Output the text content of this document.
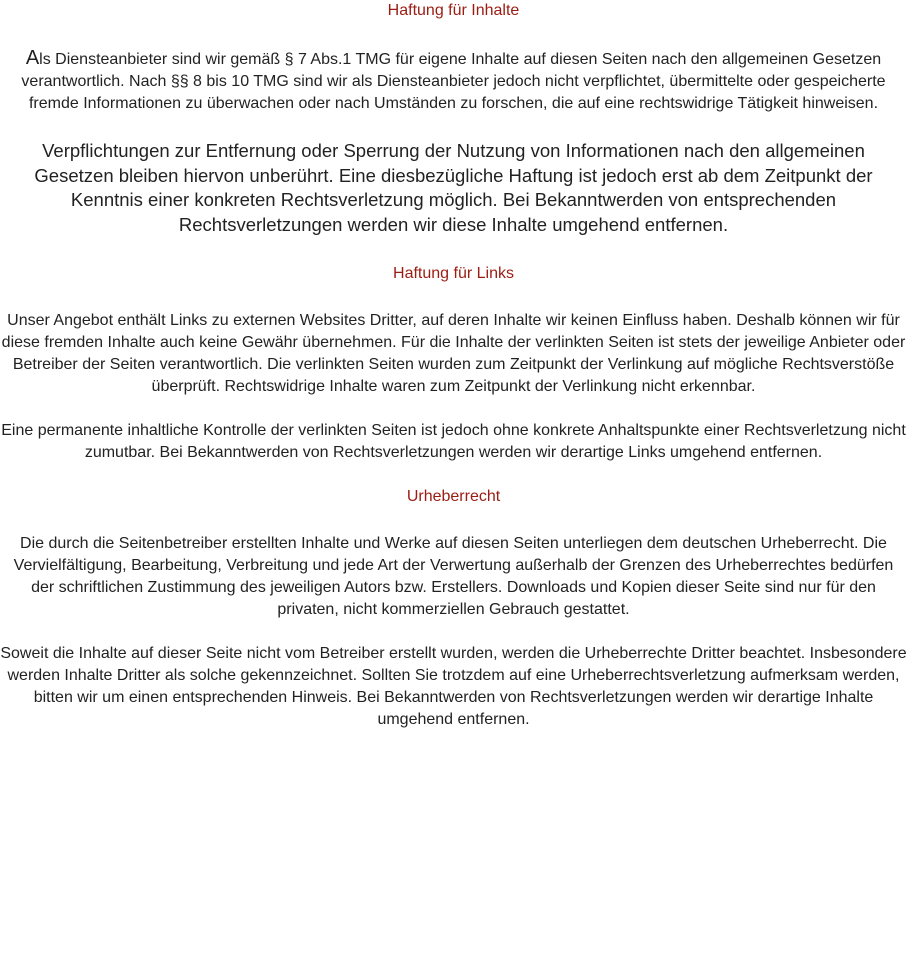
Haftung für Inhalte

Als Diensteanbieter sind wir gemäß § 7 Abs.1 TMG für eigene Inhalte auf diesen Seiten nach den allgemeinen Gesetzen verantwortlich. Nach §§ 8 bis 10 TMG sind wir als Diensteanbieter jedoch nicht verpflichtet, übermittelte oder gespeicherte fremde Informationen zu überwachen oder nach Umständen zu forschen, die auf eine rechtswidrige Tätigkeit hinweisen.

Verpflichtungen zur Entfernung oder Sperrung der Nutzung von Informationen nach den allgemeinen Gesetzen bleiben hiervon unberührt. Eine diesbezügliche Haftung ist jedoch erst ab dem Zeitpunkt der Kenntnis einer konkreten Rechtsverletzung möglich. Bei Bekanntwerden von entsprechenden Rechtsverletzungen werden wir diese Inhalte umgehend entfernen.

Haftung für Links

Unser Angebot enthält Links zu externen Websites Dritter, auf deren Inhalte wir keinen Einfluss haben. Deshalb können wir für diese fremden Inhalte auch keine Gewähr übernehmen. Für die Inhalte der verlinkten Seiten ist stets der jeweilige Anbieter oder Betreiber der Seiten verantwortlich. Die verlinkten Seiten wurden zum Zeitpunkt der Verlinkung auf mögliche Rechtsverstöße überprüft. Rechtswidrige Inhalte waren zum Zeitpunkt der Verlinkung nicht erkennbar.

Eine permanente inhaltliche Kontrolle der verlinkten Seiten ist jedoch ohne konkrete Anhaltspunkte einer Rechtsverletzung nicht zumutbar. Bei Bekanntwerden von Rechtsverletzungen werden wir derartige Links umgehend entfernen.

Urheberrecht

Die durch die Seitenbetreiber erstellten Inhalte und Werke auf diesen Seiten unterliegen dem deutschen Urheberrecht. Die Vervielfältigung, Bearbeitung, Verbreitung und jede Art der Verwertung außerhalb der Grenzen des Urheberrechtes bedürfen der schriftlichen Zustimmung des jeweiligen Autors bzw. Erstellers. Downloads und Kopien dieser Seite sind nur für den privaten, nicht kommerziellen Gebrauch gestattet.

Soweit die Inhalte auf dieser Seite nicht vom Betreiber erstellt wurden, werden die Urheberrechte Dritter beachtet. Insbesondere werden Inhalte Dritter als solche gekennzeichnet. Sollten Sie trotzdem auf eine Urheberrechtsverletzung aufmerksam werden, bitten wir um einen entsprechenden Hinweis. Bei Bekanntwerden von Rechtsverletzungen werden wir derartige Inhalte umgehend entfernen.
